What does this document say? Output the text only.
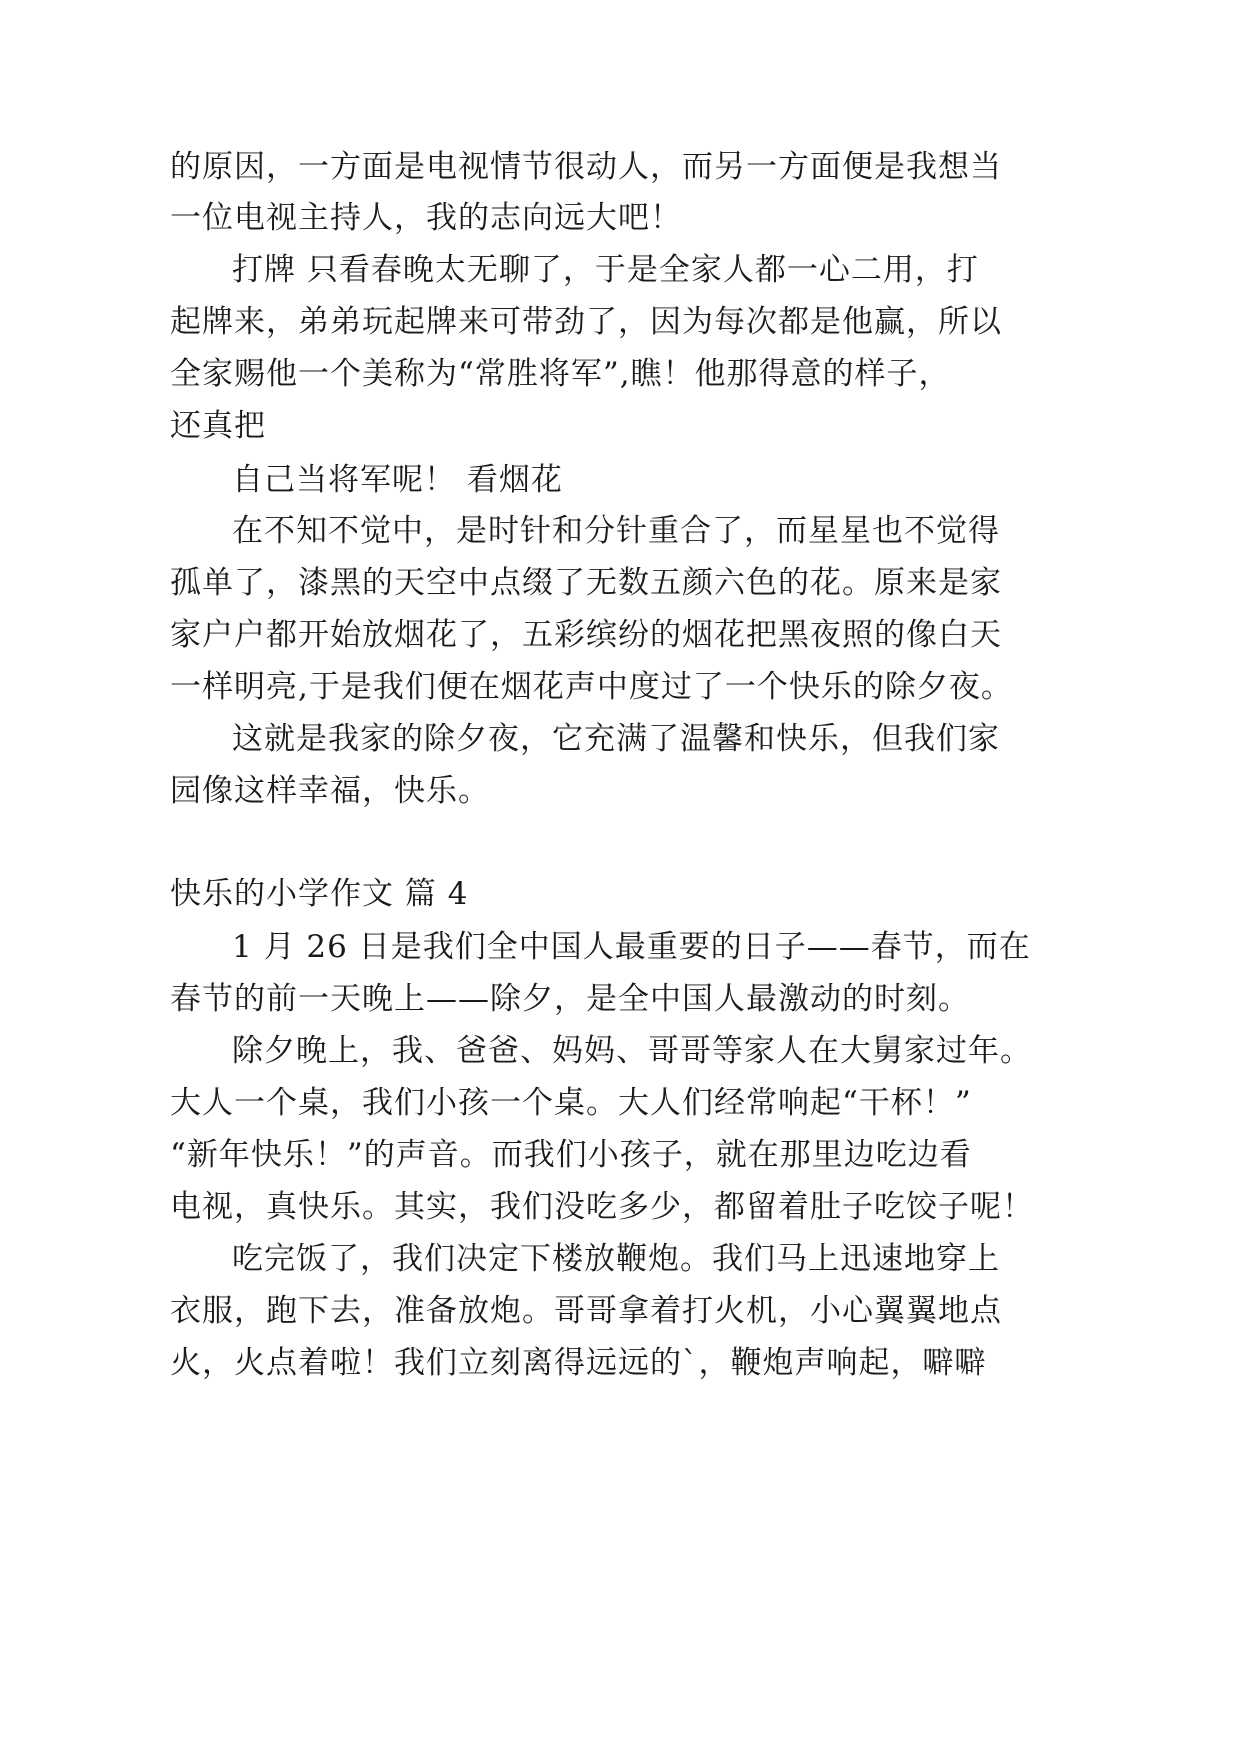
的原因，一方面是电视情节很动人，而另一方面便是我想当
一位电视主持人，我的志向远大吧！
打牌 只看春晚太无聊了，于是全家人都一心二用，打
起牌来，弟弟玩起牌来可带劲了，因为每次都是他赢，所以
全家赐他一个美称为“常胜将军”,瞧！他那得意的样子，
还真把
自己当将军呢！ 看烟花
在不知不觉中，是时针和分针重合了，而星星也不觉得
孤单了，漆黑的天空中点缀了无数五颜六色的花。原来是家
家户户都开始放烟花了，五彩缤纷的烟花把黑夜照的像白天
一样明亮,于是我们便在烟花声中度过了一个快乐的除夕夜。
这就是我家的除夕夜，它充满了温馨和快乐，但我们家
园像这样幸福，快乐。
快乐的小学作文 篇 4
1 月 26 日是我们全中国人最重要的日子——春节，而在
春节的前一天晚上——除夕，是全中国人最激动的时刻。
除夕晚上，我、爸爸、妈妈、哥哥等家人在大舅家过年。
大人一个桌，我们小孩一个桌。大人们经常响起“干杯！”
“新年快乐！”的声音。而我们小孩子，就在那里边吃边看
电视，真快乐。其实，我们没吃多少，都留着肚子吃饺子呢！
吃完饭了，我们决定下楼放鞭炮。我们马上迅速地穿上
衣服，跑下去，准备放炮。哥哥拿着打火机，小心翼翼地点
火，火点着啦！我们立刻离得远远的`，鞭炮声响起，噼噼
